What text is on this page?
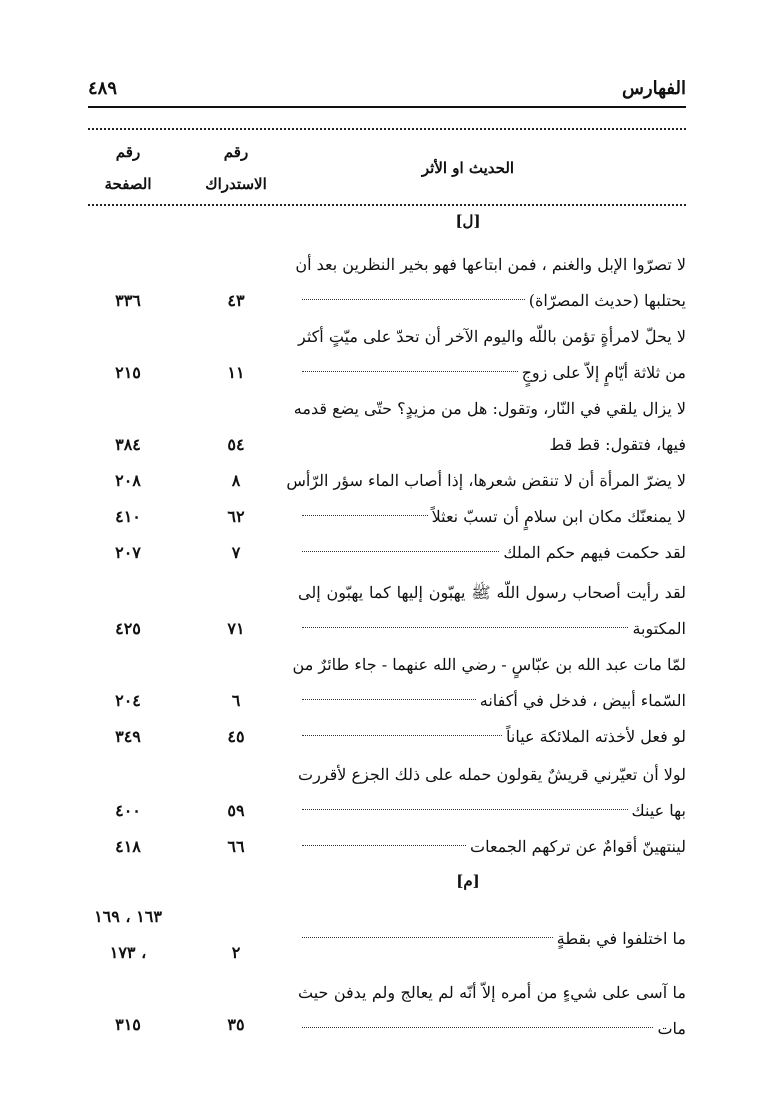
الفهارس
٤٨٩
رقم
الصفحة
رقم
الاستدراك
الحديث او الأثر
[ل]
لا تصرّوا الإبل والغنم ، فمن ابتاعها فهو بخير النظرين بعد أن
يحتلبها (حديث المصرّاة)
٤٣
٣٣٦
لا يحلّ لامرأةٍ تؤمن باللّه واليوم الآخر أن تحدّ على ميّتٍ أكثر
من ثلاثة أيّامٍ إلاّ على زوجٍ
١١
٢١٥
لا يزال يلقي في النّار، وتقول: هل من مزيدٍ؟ حتّى يضع قدمه
فيها، فتقول: قط قط
٥٤
٣٨٤
لا يضرّ المرأة أن لا تنقض شعرها، إذا أصاب الماء سؤر الرّأس
٨
٢٠٨
لا يمنعنّك مكان ابن سلامٍ أن تسبّ نعثلاً
٦٢
٤١٠
لقد حكمت فيهم حكم الملك
٧
٢٠٧
لقد رأيت أصحاب رسول اللّه ﷺ يهبّون إليها كما يهبّون إلى
المكتوبة
٧١
٤٢٥
لمّا مات عبد الله بن عبّاسٍ - رضي الله عنهما - جاء طائرٌ من
السّماء أبيض ، فدخل في أكفانه
٦
٢٠٤
لو فعل لأخذته الملائكة عياناً
٤٥
٣٤٩
لولا أن تعيّرني قريشٌ يقولون حمله على ذلك الجزع لأقررت
بها عينك
٥٩
٤٠٠
لينتهينّ أقوامٌ عن تركهم الجمعات
٦٦
٤١٨
[م]
١٦٣ ، ١٦٩
ما اختلفوا في بقطةٍ
٢
، ١٧٣
ما آسى على شيءٍ من أمره إلاّ أنّه لم يعالج ولم يدفن حيث
مات
٣٥
٣١٥
